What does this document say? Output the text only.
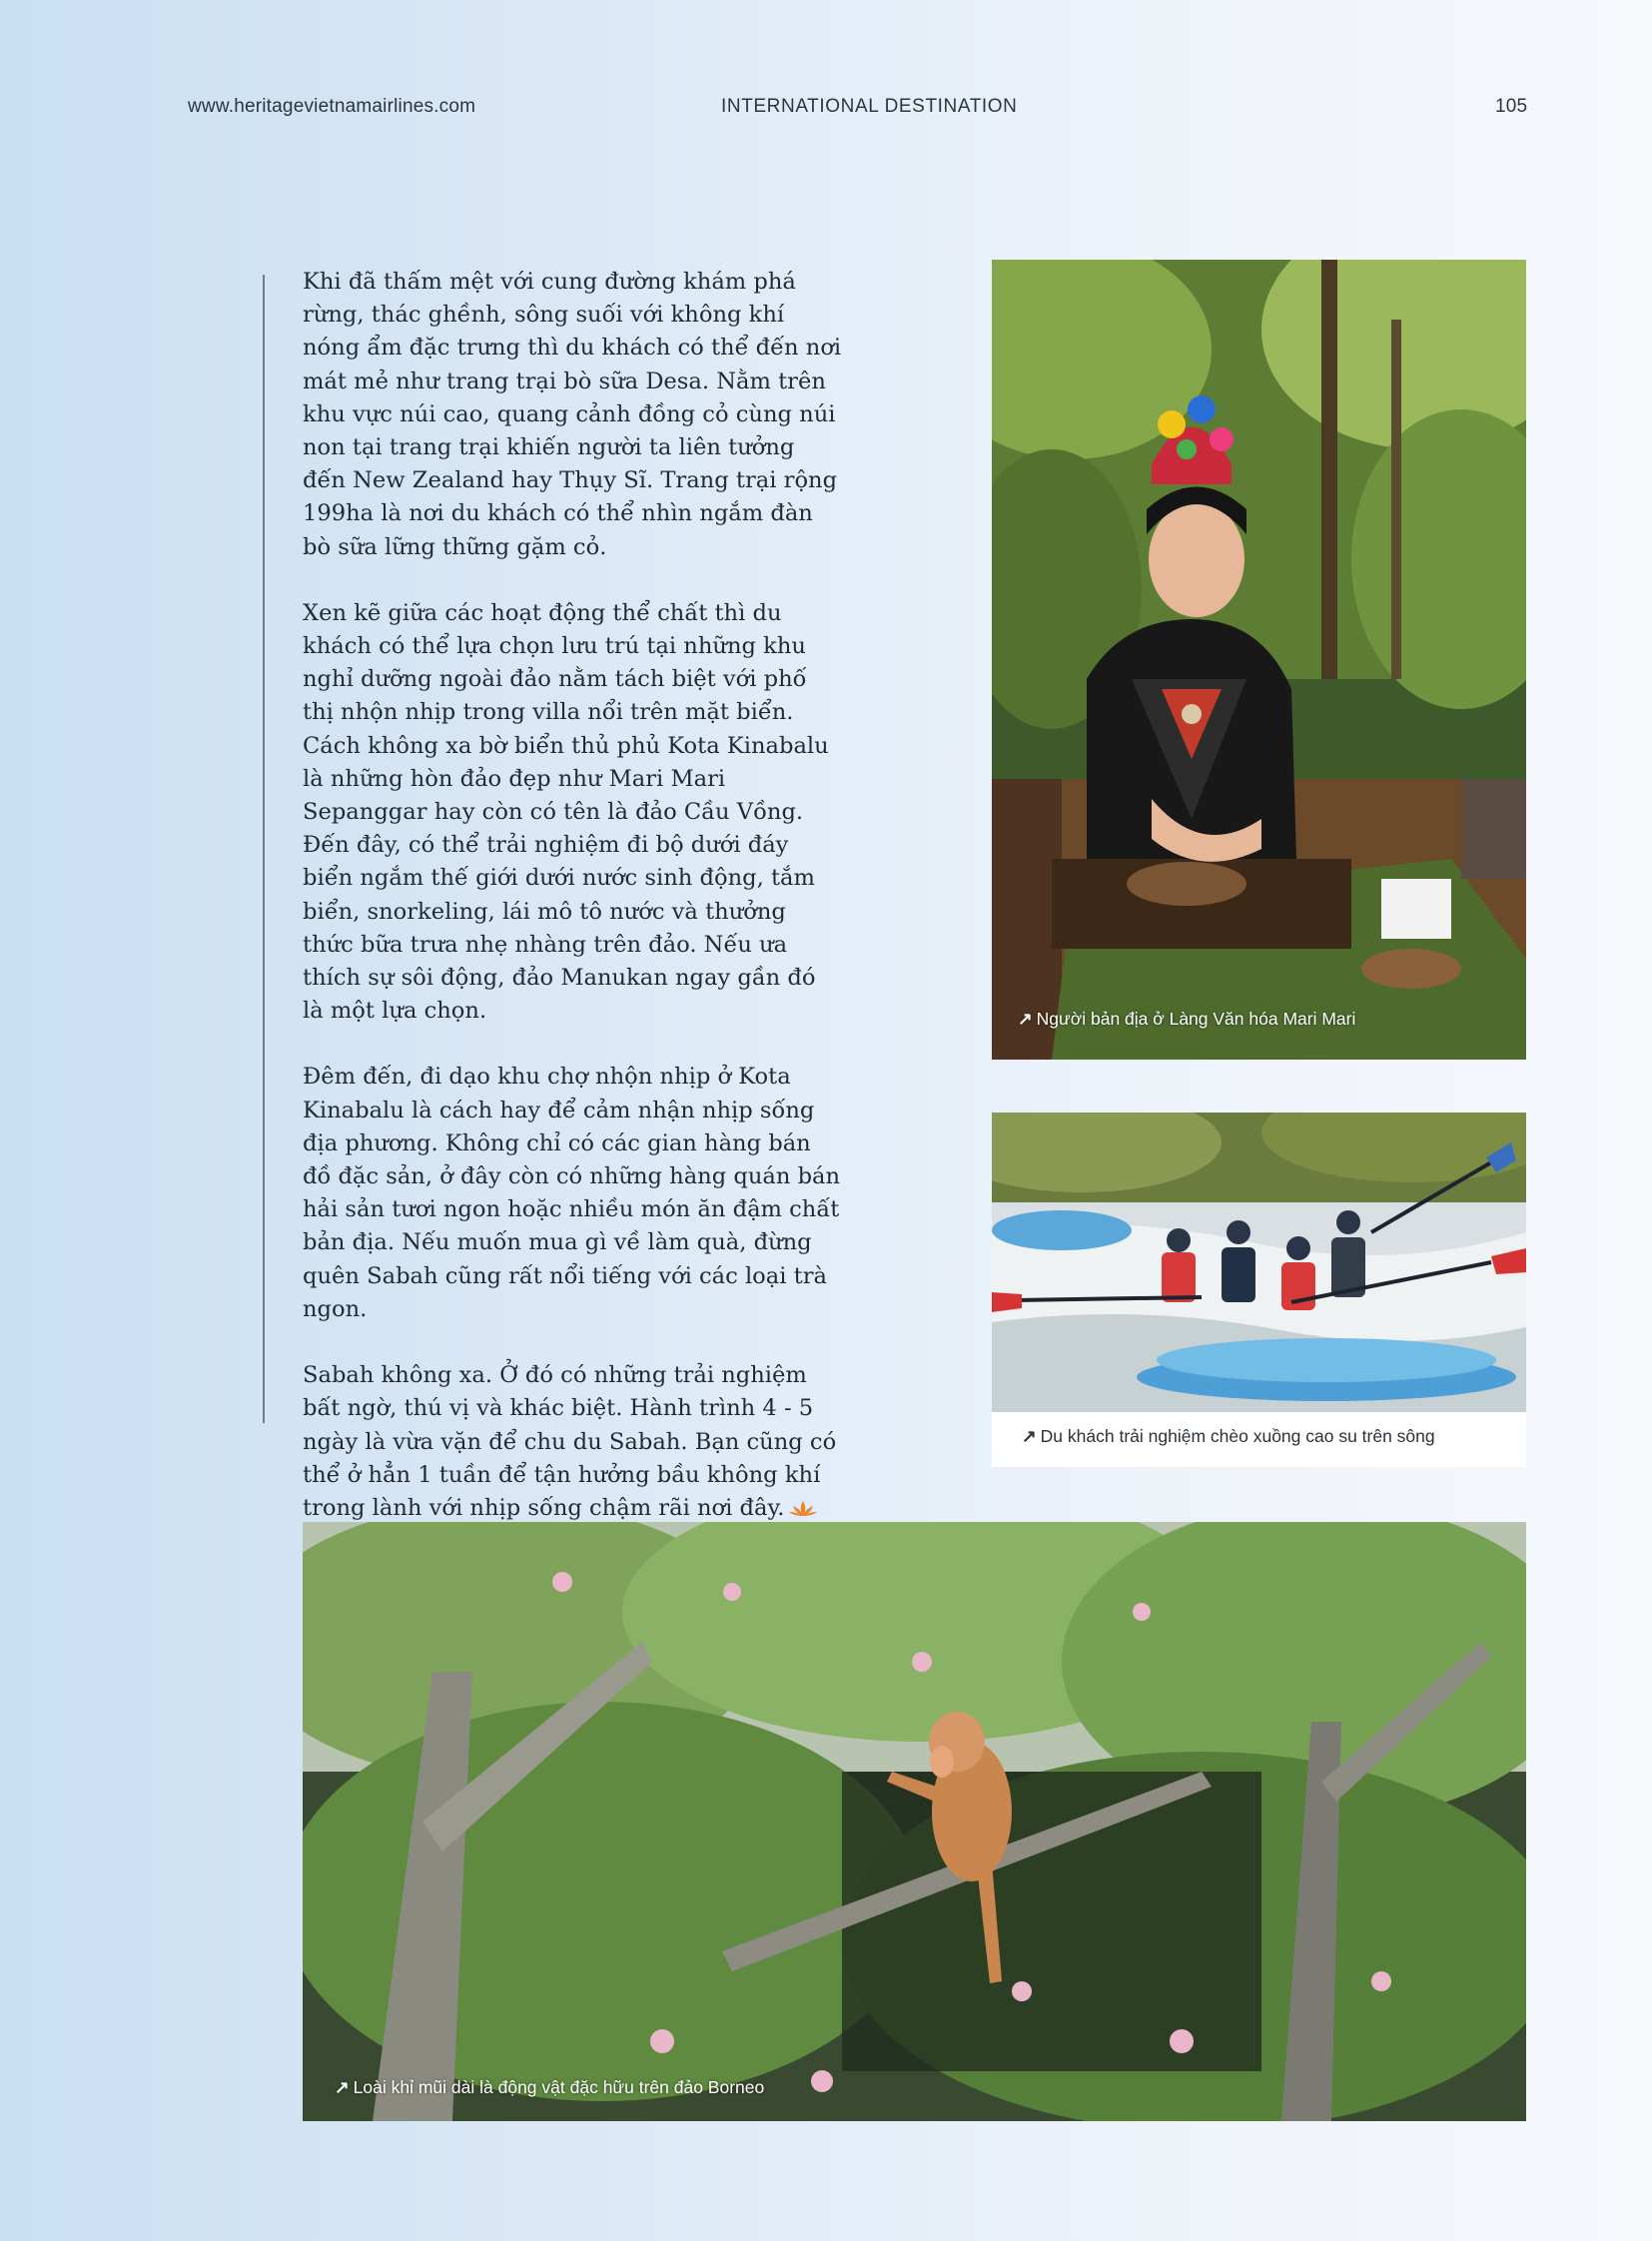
www.heritagevietnamairlines.com	INTERNATIONAL DESTINATION	105

Khi đã thấm mệt với cung đường khám phá rừng, thác ghềnh, sông suối với không khí nóng ẩm đặc trưng thì du khách có thể đến nơi mát mẻ như trang trại bò sữa Desa. Nằm trên khu vực núi cao, quang cảnh đồng cỏ cùng núi non tại trang trại khiến người ta liên tưởng đến New Zealand hay Thụy Sĩ. Trang trại rộng 199ha là nơi du khách có thể nhìn ngắm đàn bò sữa lững thững gặm cỏ.

Xen kẽ giữa các hoạt động thể chất thì du khách có thể lựa chọn lưu trú tại những khu nghỉ dưỡng ngoài đảo nằm tách biệt với phố thị nhộn nhịp trong villa nổi trên mặt biển. Cách không xa bờ biển thủ phủ Kota Kinabalu là những hòn đảo đẹp như Mari Mari Sepanggar hay còn có tên là đảo Cầu Vồng. Đến đây, có thể trải nghiệm đi bộ dưới đáy biển ngắm thế giới dưới nước sinh động, tắm biển, snorkeling, lái mô tô nước và thưởng thức bữa trưa nhẹ nhàng trên đảo. Nếu ưa thích sự sôi động, đảo Manukan ngay gần đó là một lựa chọn.

Đêm đến, đi dạo khu chợ nhộn nhịp ở Kota Kinabalu là cách hay để cảm nhận nhịp sống địa phương. Không chỉ có các gian hàng bán đồ đặc sản, ở đây còn có những hàng quán bán hải sản tươi ngon hoặc nhiều món ăn đậm chất bản địa. Nếu muốn mua gì về làm quà, đừng quên Sabah cũng rất nổi tiếng với các loại trà ngon.

Sabah không xa. Ở đó có những trải nghiệm bất ngờ, thú vị và khác biệt. Hành trình 4 - 5 ngày là vừa vặn để chu du Sabah. Bạn cũng có thể ở hẳn 1 tuần để tận hưởng bầu không khí trong lành với nhịp sống chậm rãi nơi đây.

↗ Người bản địa ở Làng Văn hóa Mari Mari
↗ Du khách trải nghiệm chèo xuồng cao su trên sông
↗ Loài khỉ mũi dài là động vật đặc hữu trên đảo Borneo
